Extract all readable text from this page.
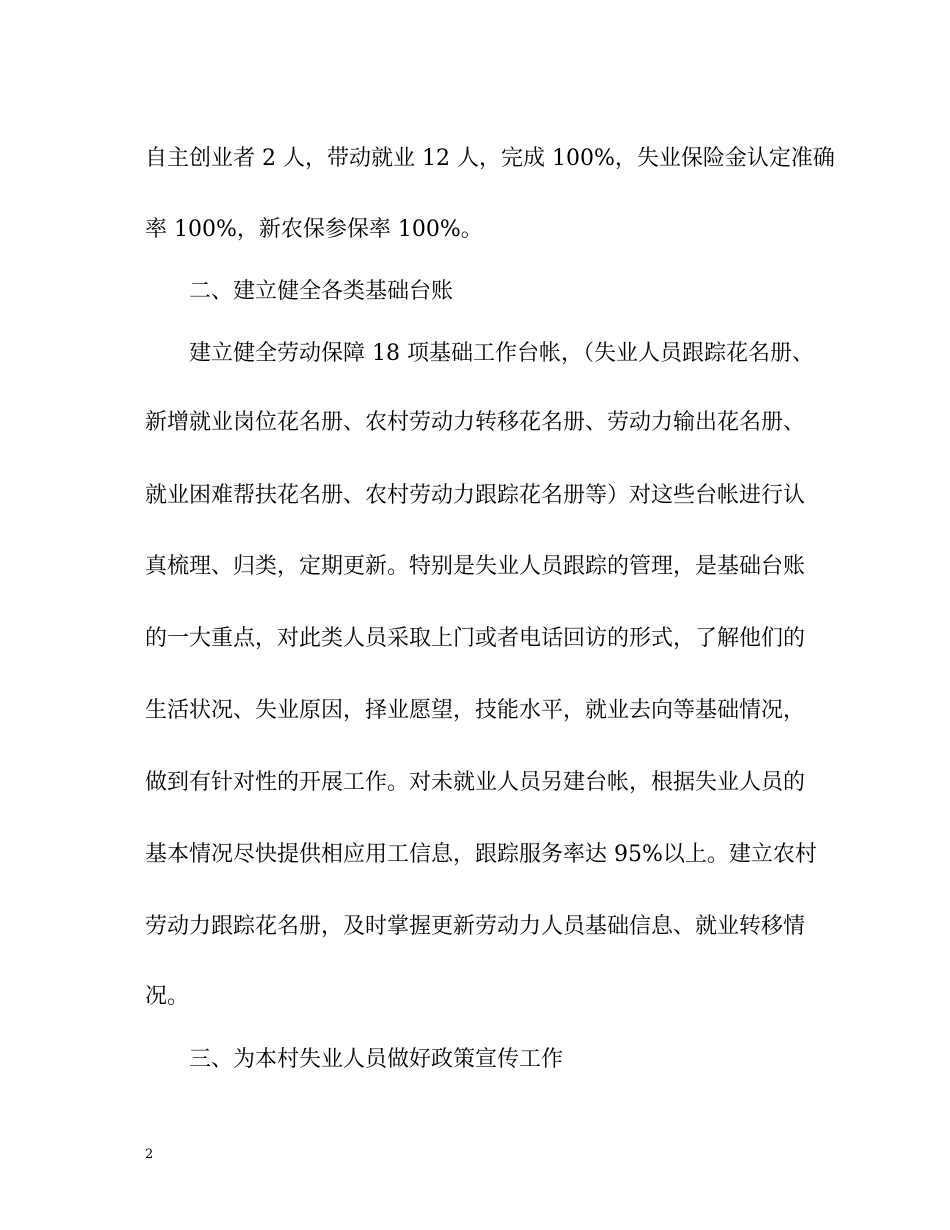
自主创业者 2 人，带动就业 12 人，完成 100%，失业保险金认定准确
率 100%，新农保参保率 100%。
二、建立健全各类基础台账
建立健全劳动保障 18 项基础工作台帐，（失业人员跟踪花名册、
新增就业岗位花名册、农村劳动力转移花名册、劳动力输出花名册、
就业困难帮扶花名册、农村劳动力跟踪花名册等）对这些台帐进行认
真梳理、归类，定期更新。特别是失业人员跟踪的管理，是基础台账
的一大重点，对此类人员采取上门或者电话回访的形式，了解他们的
生活状况、失业原因，择业愿望，技能水平，就业去向等基础情况，
做到有针对性的开展工作。对未就业人员另建台帐，根据失业人员的
基本情况尽快提供相应用工信息，跟踪服务率达 95%以上。建立农村
劳动力跟踪花名册，及时掌握更新劳动力人员基础信息、就业转移情
况。
三、为本村失业人员做好政策宣传工作
2
